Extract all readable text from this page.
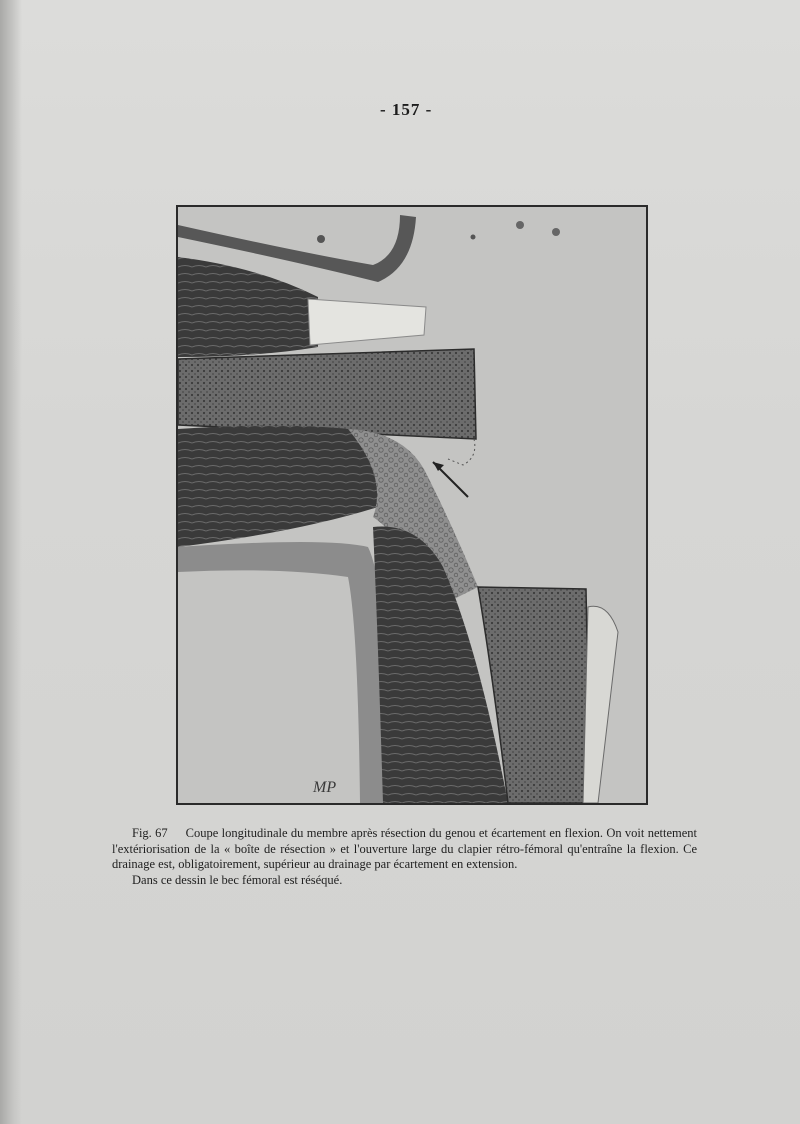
- 157 -
MP

Fig. 67 Coupe longitudinale du membre après résection du genou et écartement en flexion. On voit nettement l'extériorisation de la « boîte de résection » et l'ouverture large du clapier rétro-fémoral qu'entraîne la flexion. Ce drainage est, obligatoirement, supérieur au drainage par écartement en extension.

Dans ce dessin le bec fémoral est réséqué.
